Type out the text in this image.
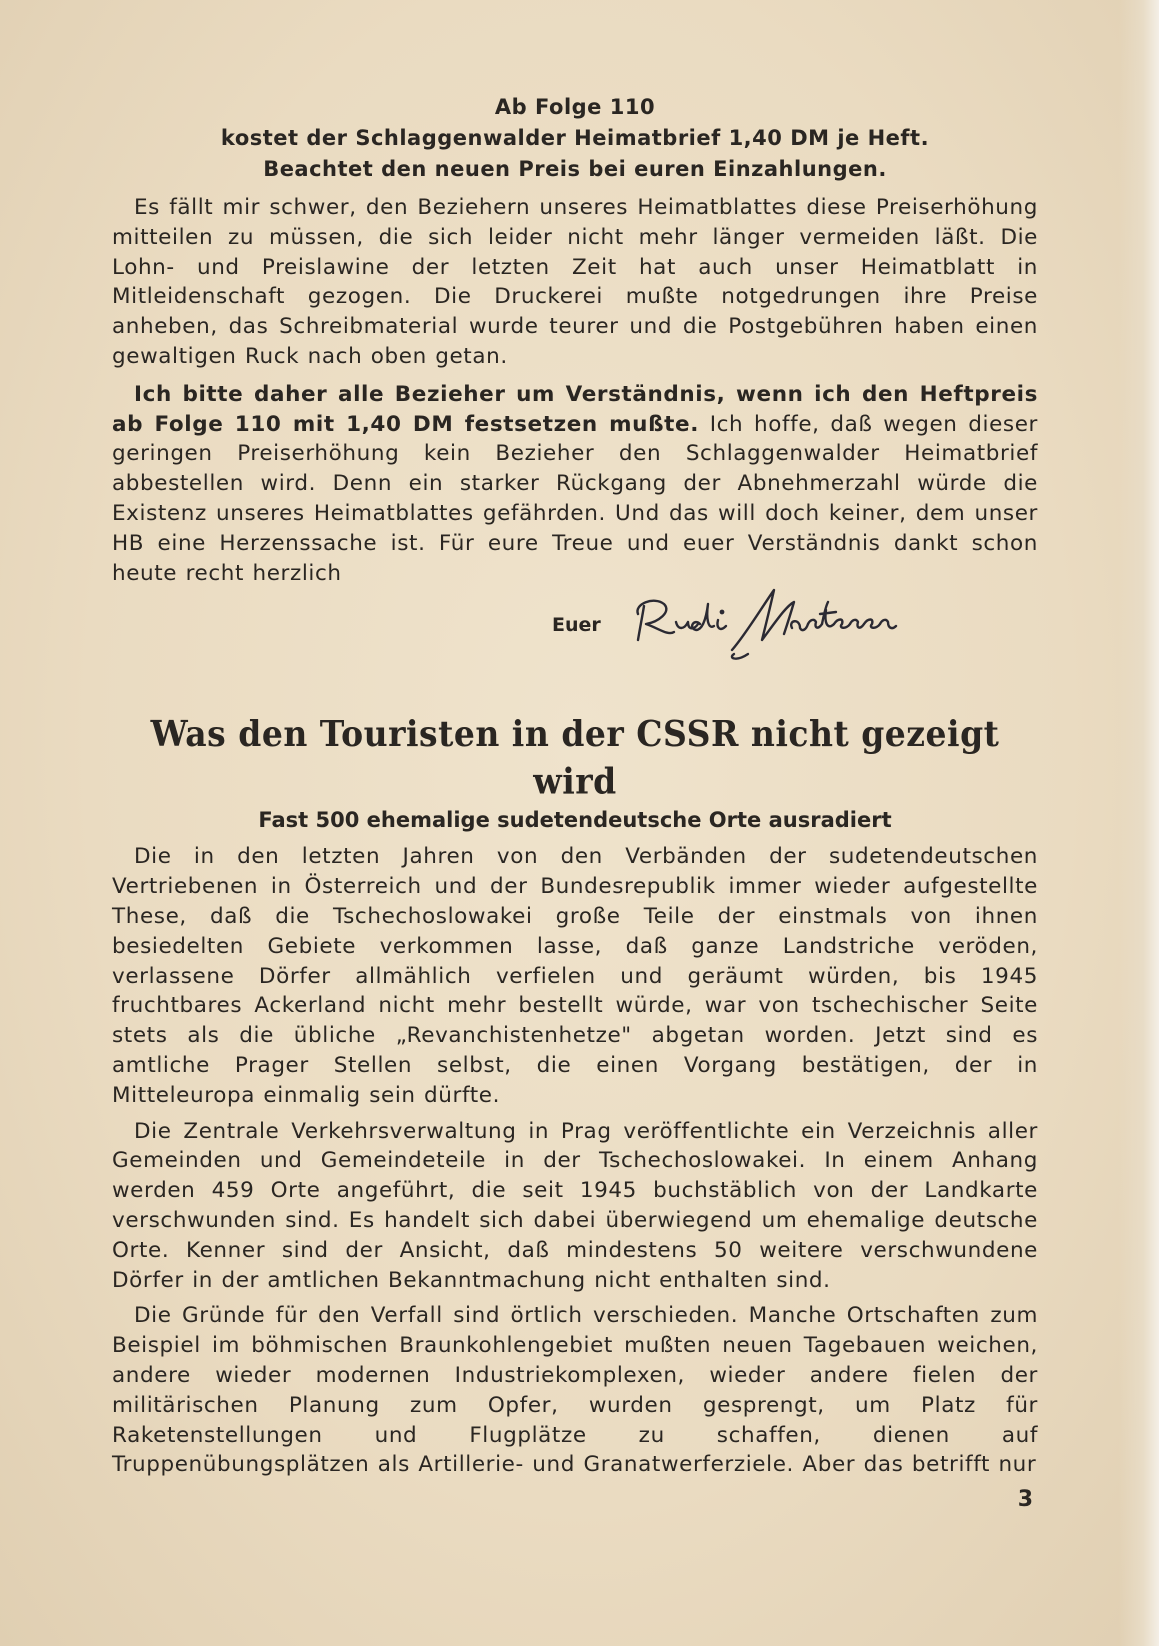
Ab Folge 110

kostet der Schlaggenwalder Heimatbrief 1,40 DM je Heft.

Beachtet den neuen Preis bei euren Einzahlungen.

Es fällt mir schwer, den Beziehern unseres Heimatblattes diese Preiserhöhung mitteilen zu müssen, die sich leider nicht mehr länger vermeiden läßt. Die Lohn- und Preislawine der letzten Zeit hat auch unser Heimatblatt in Mitleidenschaft gezogen. Die Druckerei mußte notgedrungen ihre Preise anheben, das Schreibmaterial wurde teurer und die Postgebühren haben einen gewaltigen Ruck nach oben getan.

Ich bitte daher alle Bezieher um Verständnis, wenn ich den Heftpreis ab Folge 110 mit 1,40 DM festsetzen mußte. Ich hoffe, daß wegen dieser geringen Preiserhöhung kein Bezieher den Schlaggenwalder Heimatbrief abbestellen wird. Denn ein starker Rückgang der Abnehmerzahl würde die Existenz unseres Heimatblattes gefährden. Und das will doch keiner, dem unser HB eine Herzenssache ist. Für eure Treue und euer Verständnis dankt schon heute recht herzlich

Euer
Was den Touristen in der CSSR nicht gezeigt wird
Fast 500 ehemalige sudetendeutsche Orte ausradiert

Die in den letzten Jahren von den Verbänden der sudetendeutschen Vertriebenen in Österreich und der Bundesrepublik immer wieder aufgestellte These, daß die Tschechoslowakei große Teile der einstmals von ihnen besiedelten Gebiete verkommen lasse, daß ganze Landstriche veröden, verlassene Dörfer allmählich verfielen und geräumt würden, bis 1945 fruchtbares Ackerland nicht mehr bestellt würde, war von tschechischer Seite stets als die übliche „Revanchistenhetze" abgetan worden. Jetzt sind es amtliche Prager Stellen selbst, die einen Vorgang bestätigen, der in Mitteleuropa einmalig sein dürfte.

Die Zentrale Verkehrsverwaltung in Prag veröffentlichte ein Verzeichnis aller Gemeinden und Gemeindeteile in der Tschechoslowakei. In einem Anhang werden 459 Orte angeführt, die seit 1945 buchstäblich von der Landkarte verschwunden sind. Es handelt sich dabei überwiegend um ehemalige deutsche Orte. Kenner sind der Ansicht, daß mindestens 50 weitere verschwundene Dörfer in der amtlichen Bekanntmachung nicht enthalten sind.

Die Gründe für den Verfall sind örtlich verschieden. Manche Ortschaften zum Beispiel im böhmischen Braunkohlengebiet mußten neuen Tagebauen weichen, andere wieder modernen Industriekomplexen, wieder andere fielen der militärischen Planung zum Opfer, wurden gesprengt, um Platz für Raketenstellungen und Flugplätze zu schaffen, dienen auf Truppenübungsplätzen als Artillerie- und Granatwerferziele. Aber das betrifft nur

3
